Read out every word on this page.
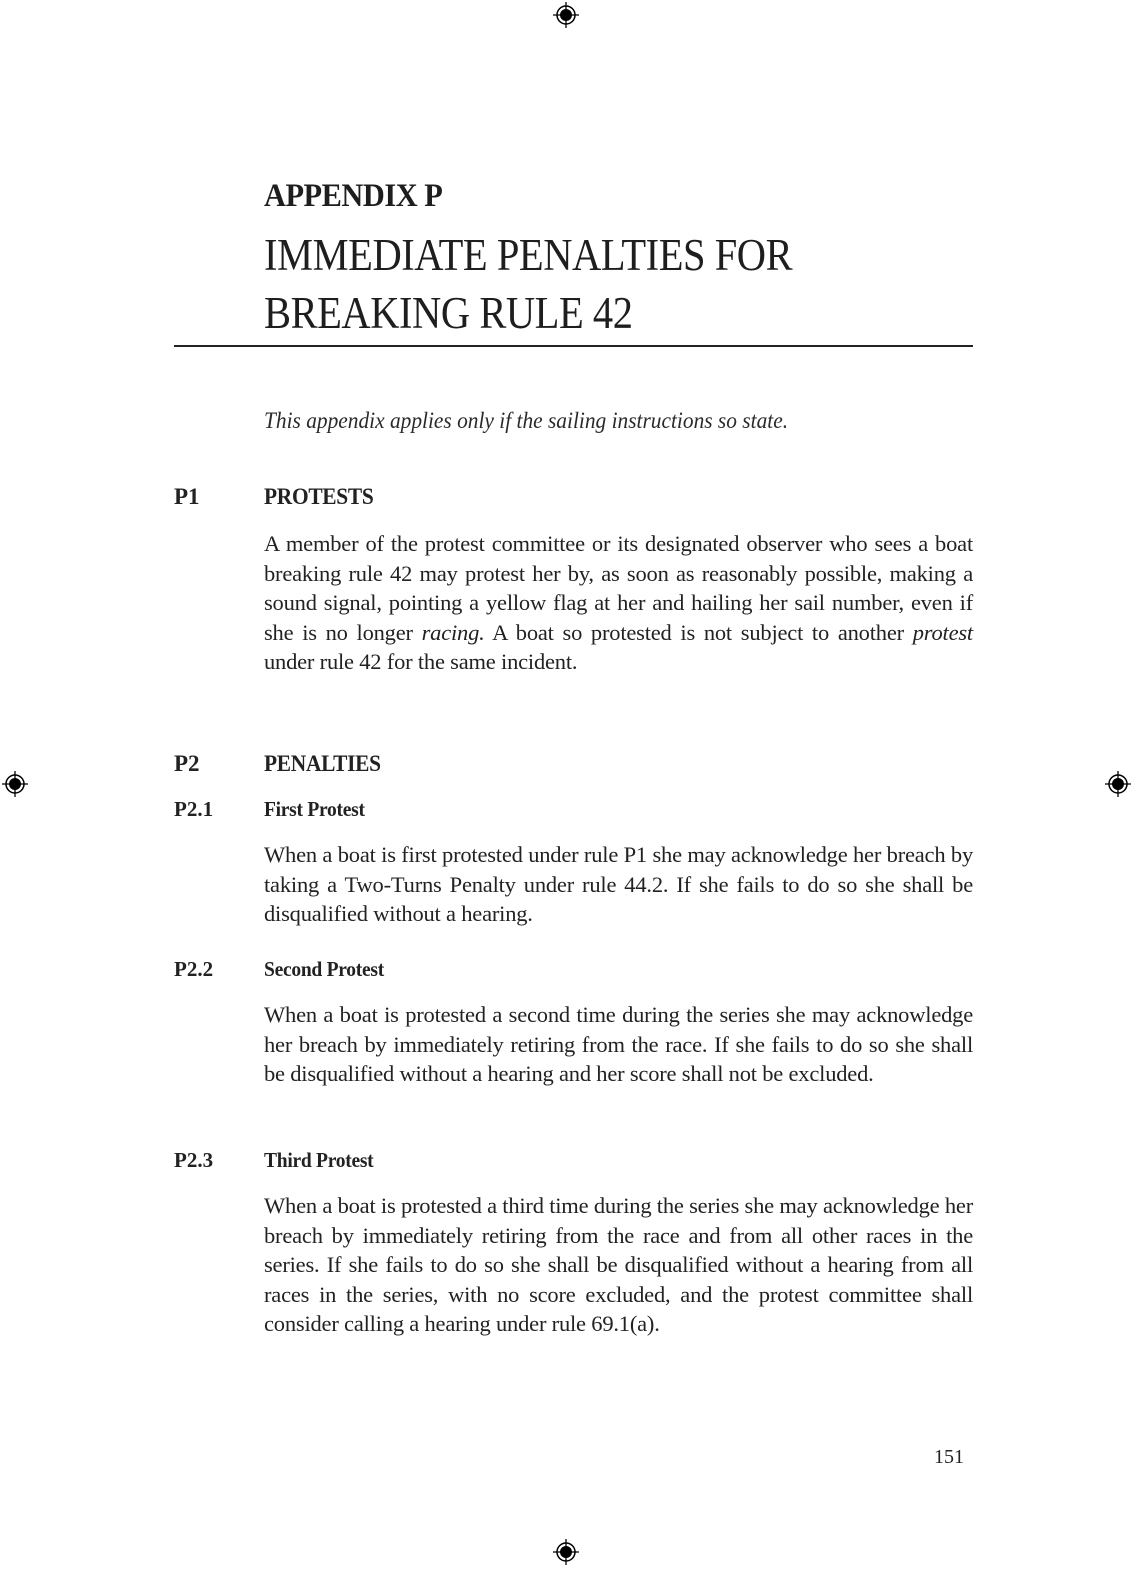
APPENDIX P
IMMEDIATE PENALTIES FOR
BREAKING RULE 42
This appendix applies only if the sailing instructions so state.
P1	PROTESTS
A member of the protest committee or its designated observer who sees a boat breaking rule 42 may protest her by, as soon as reasonably possible, making a sound signal, pointing a yellow flag at her and hailing her sail number, even if she is no longer racing. A boat so protested is not subject to another protest under rule 42 for the same incident.
P2	PENALTIES
P2.1 First Protest
When a boat is first protested under rule P1 she may acknowledge her breach by taking a Two-Turns Penalty under rule 44.2. If she fails to do so she shall be disqualified without a hearing.
P2.2 Second Protest
When a boat is protested a second time during the series she may acknowledge her breach by immediately retiring from the race. If she fails to do so she shall be disqualified without a hearing and her score shall not be excluded.
P2.3 Third Protest
When a boat is protested a third time during the series she may acknowledge her breach by immediately retiring from the race and from all other races in the series. If she fails to do so she shall be disqualified without a hearing from all races in the series, with no score excluded, and the protest committee shall consider calling a hearing under rule 69.1(a).
151
